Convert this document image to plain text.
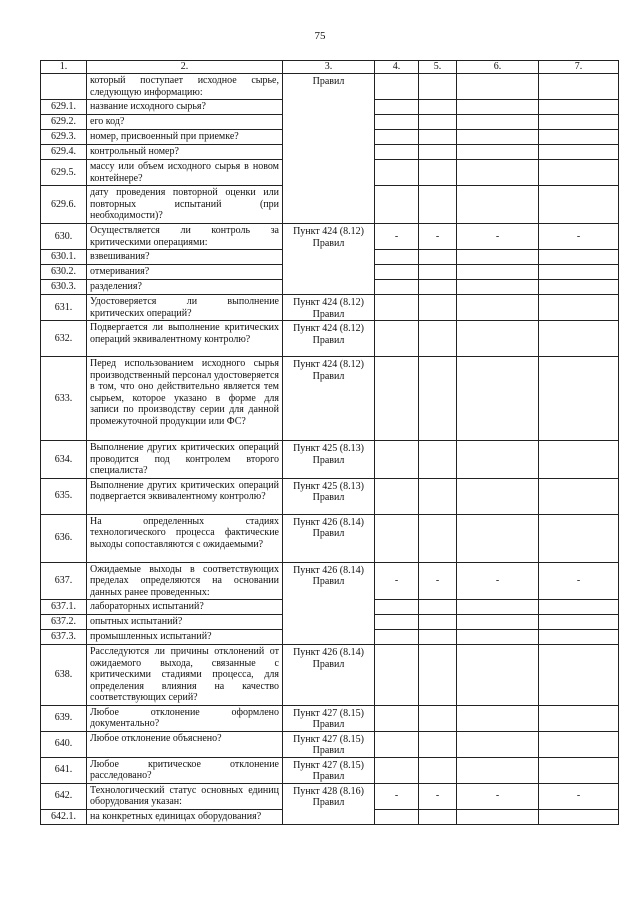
75
1.	2.	3.	4.	5.	6.	7.
	который поступает исходное сырье, следующую информацию:	Правил				
629.1.	название исходного сырья?					
629.2.	его код?					
629.3.	номер, присвоенный при приемке?					
629.4.	контрольный номер?					
629.5.	массу или объем исходного сырья в новом контейнере?					
629.6.	дату проведения повторной оценки или повторных испытаний (при необходимости)?					
630.	Осуществляется ли контроль за критическими операциями:	Пункт 424 (8.12) Правил	-	-	-	-
630.1.	взвешивания?					
630.2.	отмеривания?					
630.3.	разделения?					
631.	Удостоверяется ли выполнение критических операций?	Пункт 424 (8.12) Правил				
632.	Подвергается ли выполнение критических операций эквивалентному контролю?	Пункт 424 (8.12) Правил				
633.	Перед использованием исходного сырья производственный персонал удостоверяется в том, что оно действительно является тем сырьем, которое указано в форме для записи по производству серии для данной промежуточной продукции или ФС?	Пункт 424 (8.12) Правил				
634.	Выполнение других критических операций проводится под контролем второго специалиста?	Пункт 425 (8.13) Правил				
635.	Выполнение других критических операций подвергается эквивалентному контролю?	Пункт 425 (8.13) Правил				
636.	На определенных стадиях технологического процесса фактические выходы сопоставляются с ожидаемыми?	Пункт 426 (8.14) Правил				
637.	Ожидаемые выходы в соответствующих пределах определяются на основании данных ранее проведенных:	Пункт 426 (8.14) Правил	-	-	-	-
637.1.	лабораторных испытаний?					
637.2.	опытных испытаний?					
637.3.	промышленных испытаний?					
638.	Расследуются ли причины отклонений от ожидаемого выхода, связанные с критическими стадиями процесса, для определения влияния на качество соответствующих серий?	Пункт 426 (8.14) Правил				
639.	Любое отклонение оформлено документально?	Пункт 427 (8.15) Правил				
640.	Любое отклонение объяснено?	Пункт 427 (8.15) Правил				
641.	Любое критическое отклонение расследовано?	Пункт 427 (8.15) Правил				
642.	Технологический статус основных единиц оборудования указан:	Пункт 428 (8.16) Правил	-	-	-	-
642.1.	на конкретных единицах оборудования?					
